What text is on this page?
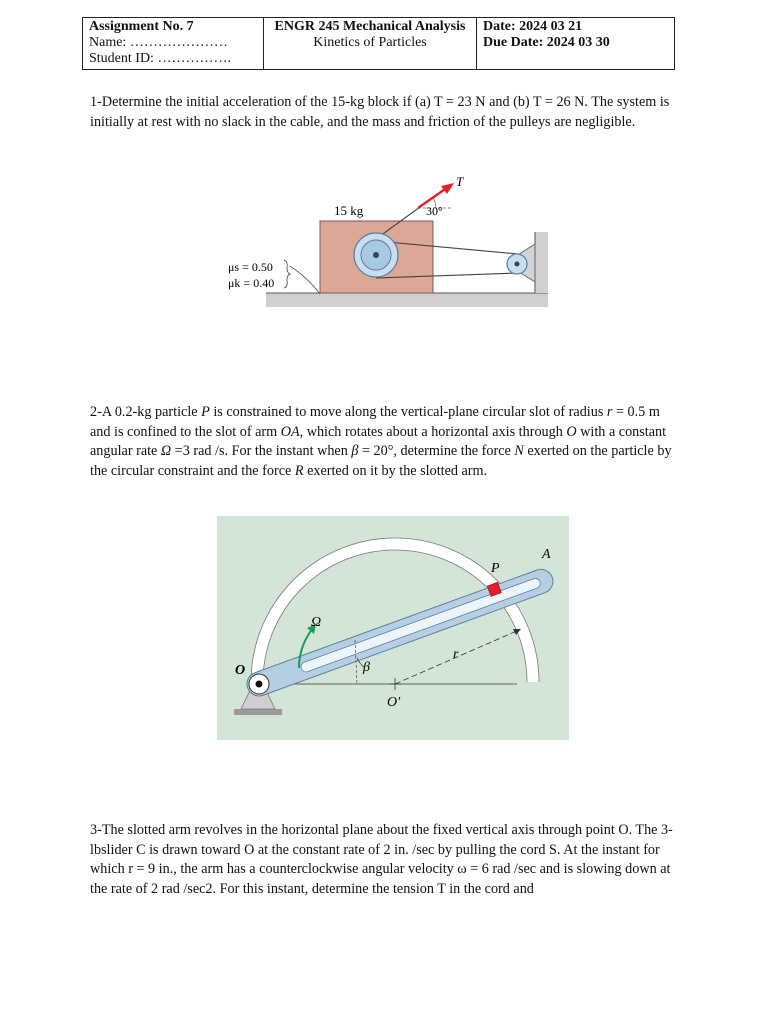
Assignment No. 7
Name: …………………
Student ID: …………….

ENGR 245 Mechanical Analysis
Kinetics of Particles

Date: 2024 03 21
Due Date: 2024 03 30
1-Determine the initial acceleration of the 15-kg block if (a) T = 23 N and (b) T = 26 N. The system is initially at rest with no slack in the cable, and the mass and friction of the pulleys are negligible.
T
15 kg	30°
μs = 0.50
μk = 0.40
2-A 0.2-kg particle P is constrained to move along the vertical-plane circular slot of radius r = 0.5 m and is confined to the slot of arm OA, which rotates about a horizontal axis through O with a constant angular rate Ω =3 rad /s. For the instant when β = 20°, determine the force N exerted on the particle by the circular constraint and the force R exerted on it by the slotted arm.
O
O′
A
P
r
Ω
β
3-The slotted arm revolves in the horizontal plane about the fixed vertical axis through point O. The 3-lbslider C is drawn toward O at the constant rate of 2 in. /sec by pulling the cord S. At the instant for which r = 9 in., the arm has a counterclockwise angular velocity ω = 6 rad /sec and is slowing down at the rate of 2 rad /sec2. For this instant, determine the tension T in the cord and
